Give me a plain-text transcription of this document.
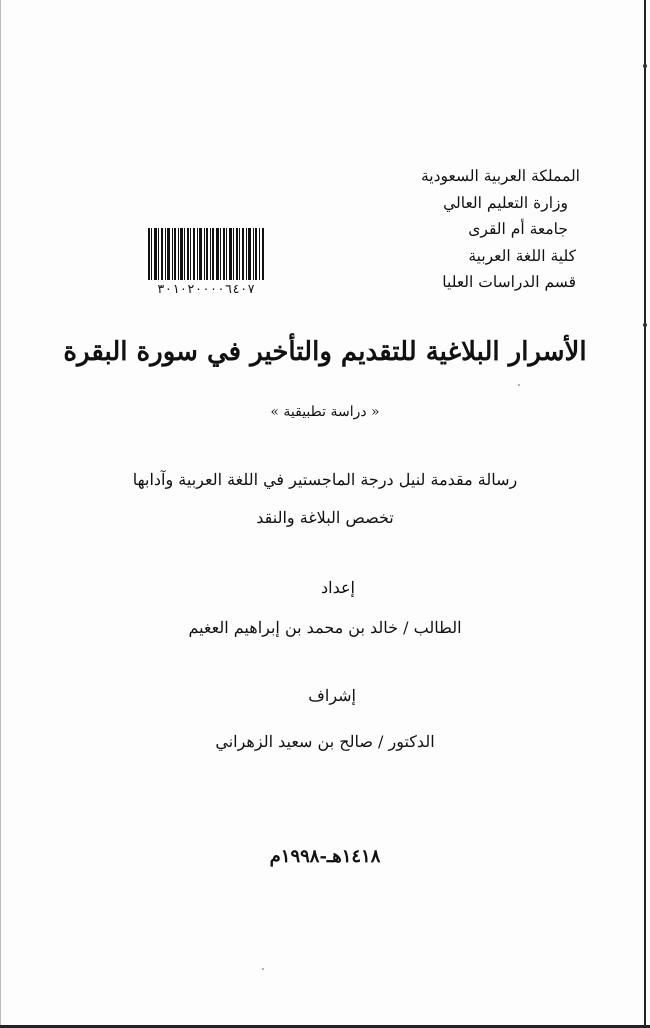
المملكة العربية السعودية
وزارة التعليم العالي
جامعة أم القرى
كلية اللغة العربية
قسم الدراسات العليا
٣٠١٠٢٠٠٠٠٦٤٠٧
الأسرار البلاغية للتقديم والتأخير في سورة البقرة
« دراسة تطبيقية »
رسالة مقدمة لنيل درجة الماجستير في اللغة العربية وآدابها
تخصص البلاغة والنقد
إعداد
الطالب / خالد بن محمد بن إبراهيم العغيم
إشراف
الدكتور / صالح بن سعيد الزهراني
١٤١٨هـ-١٩٩٨م
